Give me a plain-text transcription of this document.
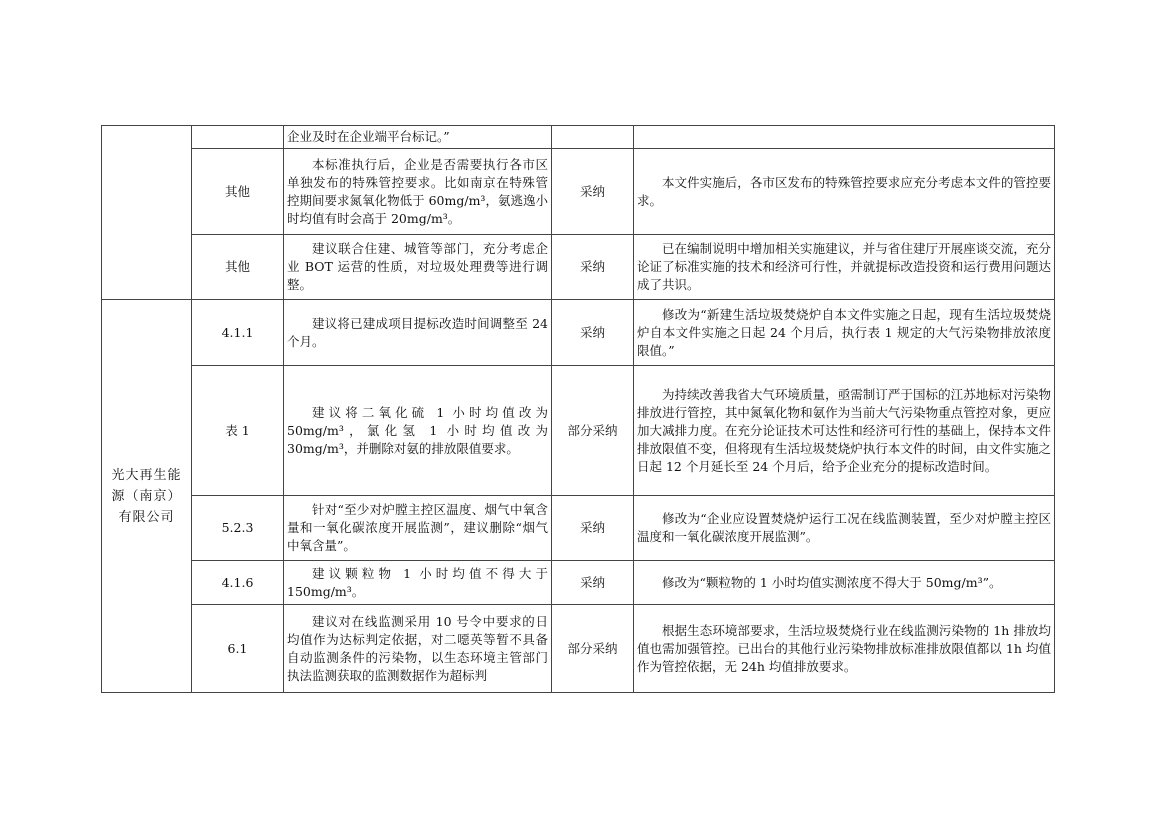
		企业及时在企业端平台标记。”		
	其他	本标准执行后，企业是否需要执行各市区单独发布的特殊管控要求。比如南京在特殊管控期间要求氮氧化物低于 60mg/m³，氨逃逸小时均值有时会高于 20mg/m³。	采纳	本文件实施后，各市区发布的特殊管控要求应充分考虑本文件的管控要求。

	其他	建议联合住建、城管等部门，充分考虑企业 BOT 运营的性质，对垃圾处理费等进行调整。	采纳	已在编制说明中增加相关实施建议，并与省住建厅开展座谈交流，充分论证了标准实施的技术和经济可行性，并就提标改造投资和运行费用问题达成了共识。

光大再生能源（南京）有限公司	4.1.1	建议将已建成项目提标改造时间调整至 24 个月。	采纳	修改为“新建生活垃圾焚烧炉自本文件实施之日起，现有生活垃圾焚烧炉自本文件实施之日起 24 个月后，执行表 1 规定的大气污染物排放浓度限值。”

	表 1	建议将二氧化硫 1 小时均值改为 50mg/m³，氯化氢 1 小时均值改为 30mg/m³，并删除对氨的排放限值要求。	部分采纳	为持续改善我省大气环境质量，亟需制订严于国标的江苏地标对污染物排放进行管控，其中氮氧化物和氨作为当前大气污染物重点管控对象，更应加大减排力度。在充分论证技术可达性和经济可行性的基础上，保持本文件排放限值不变，但将现有生活垃圾焚烧炉执行本文件的时间，由文件实施之日起 12 个月延长至 24 个月后，给予企业充分的提标改造时间。

	5.2.3	针对“至少对炉膛主控区温度、烟气中氧含量和一氧化碳浓度开展监测”，建议删除“烟气中氧含量”。	采纳	修改为“企业应设置焚烧炉运行工况在线监测装置，至少对炉膛主控区温度和一氧化碳浓度开展监测”。

	4.1.6	建议颗粒物 1 小时均值不得大于 150mg/m³。	采纳	修改为“颗粒物的 1 小时均值实测浓度不得大于 50mg/m³”。

	6.1	建议对在线监测采用 10 号令中要求的日均值作为达标判定依据，对二噁英等暂不具备自动监测条件的污染物，以生态环境主管部门执法监测获取的监测数据作为超标判	部分采纳	根据生态环境部要求，生活垃圾焚烧行业在线监测污染物的 1h 排放均值也需加强管控。已出台的其他行业污染物排放标准排放限值都以 1h 均值作为管控依据，无 24h 均值排放要求。
